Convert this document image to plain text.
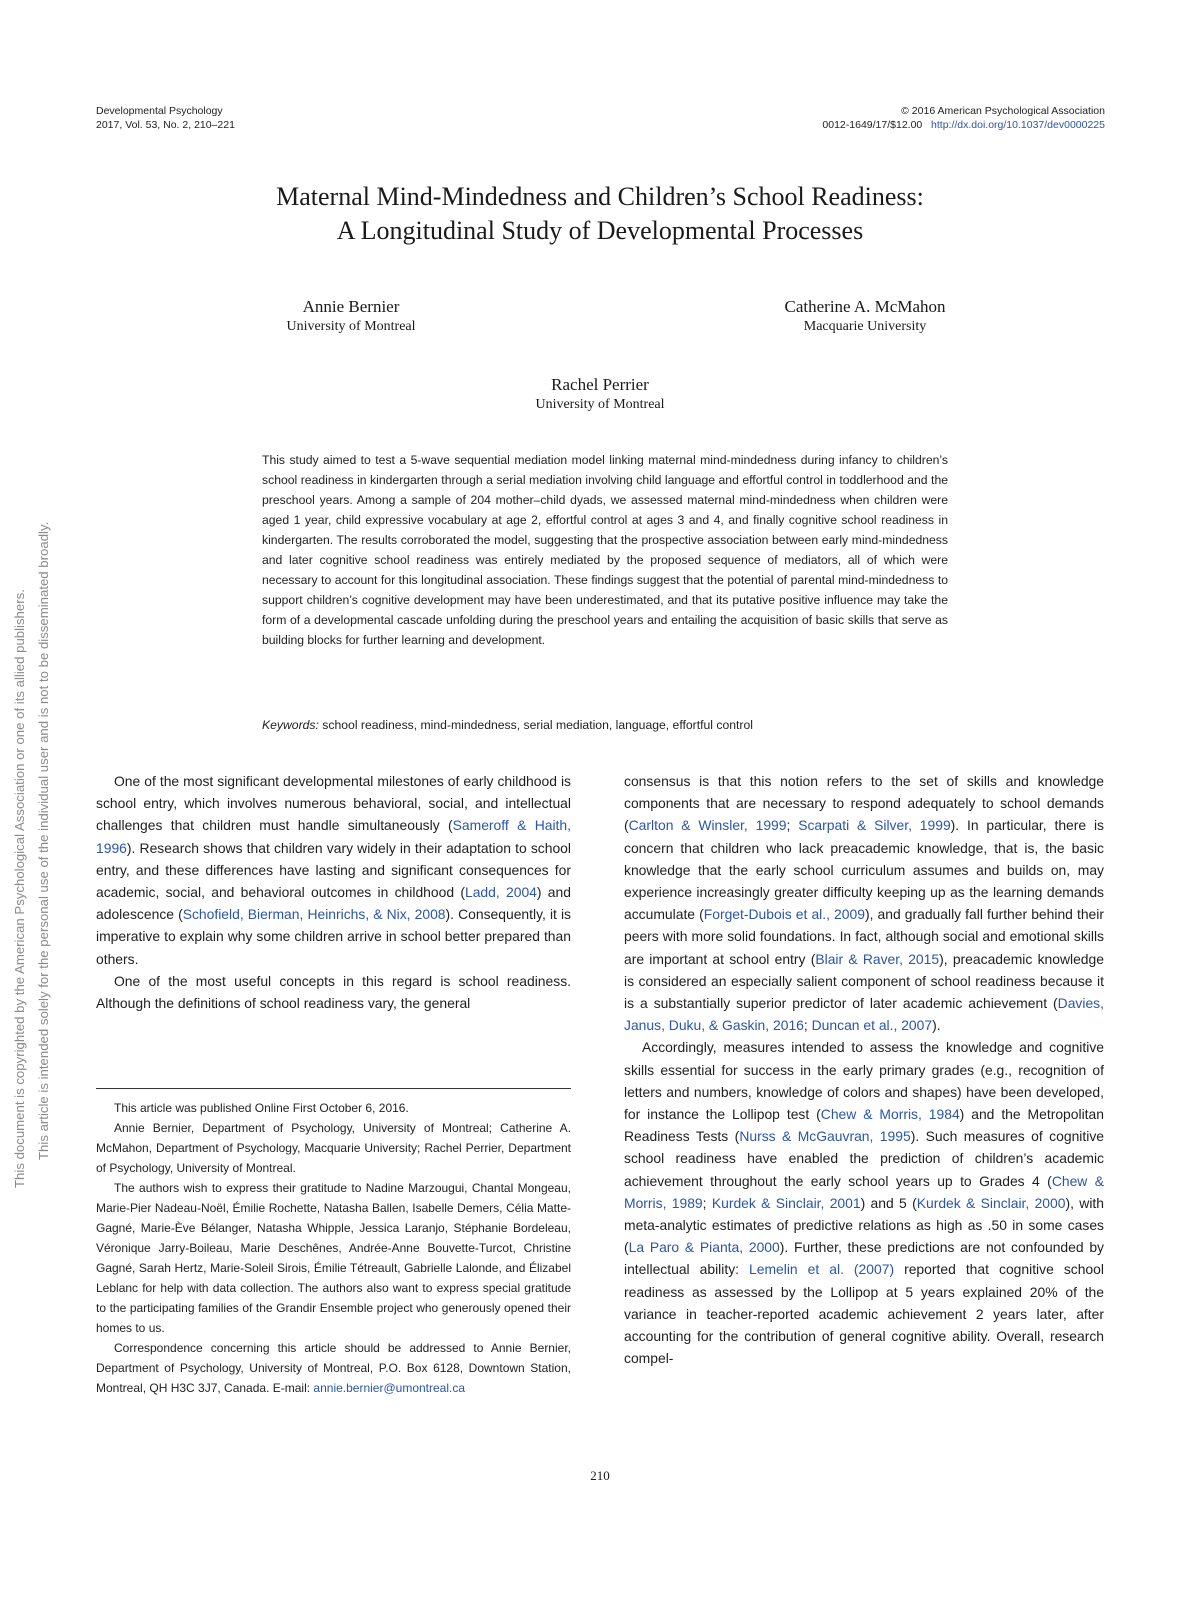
Developmental Psychology
2017, Vol. 53, No. 2, 210–221
© 2016 American Psychological Association
0012-1649/17/$12.00 http://dx.doi.org/10.1037/dev0000225
Maternal Mind-Mindedness and Children’s School Readiness:
A Longitudinal Study of Developmental Processes
Annie Bernier
University of Montreal
Catherine A. McMahon
Macquarie University
Rachel Perrier
University of Montreal
This study aimed to test a 5-wave sequential mediation model linking maternal mind-mindedness during infancy to children’s school readiness in kindergarten through a serial mediation involving child language and effortful control in toddlerhood and the preschool years. Among a sample of 204 mother–child dyads, we assessed maternal mind-mindedness when children were aged 1 year, child expressive vocabulary at age 2, effortful control at ages 3 and 4, and finally cognitive school readiness in kindergarten. The results corroborated the model, suggesting that the prospective association between early mind-mindedness and later cognitive school readiness was entirely mediated by the proposed sequence of mediators, all of which were necessary to account for this longitudinal association. These findings suggest that the potential of parental mind-mindedness to support children’s cognitive development may have been underestimated, and that its putative positive influence may take the form of a developmental cascade unfolding during the preschool years and entailing the acquisition of basic skills that serve as building blocks for further learning and development.
Keywords: school readiness, mind-mindedness, serial mediation, language, effortful control

One of the most significant developmental milestones of early childhood is school entry, which involves numerous behavioral, social, and intellectual challenges that children must handle simultaneously (Sameroff & Haith, 1996). Research shows that children vary widely in their adaptation to school entry, and these differences have lasting and significant consequences for academic, social, and behavioral outcomes in childhood (Ladd, 2004) and adolescence (Schofield, Bierman, Heinrichs, & Nix, 2008). Consequently, it is imperative to explain why some children arrive in school better prepared than others.

One of the most useful concepts in this regard is school readiness. Although the definitions of school readiness vary, the general

This article was published Online First October 6, 2016.

Annie Bernier, Department of Psychology, University of Montreal; Catherine A. McMahon, Department of Psychology, Macquarie University; Rachel Perrier, Department of Psychology, University of Montreal.

The authors wish to express their gratitude to Nadine Marzougui, Chantal Mongeau, Marie-Pier Nadeau-Noël, Émilie Rochette, Natasha Ballen, Isabelle Demers, Célia Matte-Gagné, Marie-Ève Bélanger, Natasha Whipple, Jessica Laranjo, Stéphanie Bordeleau, Véronique Jarry-Boileau, Marie Deschênes, Andrée-Anne Bouvette-Turcot, Christine Gagné, Sarah Hertz, Marie-Soleil Sirois, Émilie Tétreault, Gabrielle Lalonde, and Élizabel Leblanc for help with data collection. The authors also want to express special gratitude to the participating families of the Grandir Ensemble project who generously opened their homes to us.

Correspondence concerning this article should be addressed to Annie Bernier, Department of Psychology, University of Montreal, P.O. Box 6128, Downtown Station, Montreal, QH H3C 3J7, Canada. E-mail: annie.bernier@umontreal.ca

consensus is that this notion refers to the set of skills and knowledge components that are necessary to respond adequately to school demands (Carlton & Winsler, 1999; Scarpati & Silver, 1999). In particular, there is concern that children who lack preacademic knowledge, that is, the basic knowledge that the early school curriculum assumes and builds on, may experience increasingly greater difficulty keeping up as the learning demands accumulate (Forget-Dubois et al., 2009), and gradually fall further behind their peers with more solid foundations. In fact, although social and emotional skills are important at school entry (Blair & Raver, 2015), preacademic knowledge is considered an especially salient component of school readiness because it is a substantially superior predictor of later academic achievement (Davies, Janus, Duku, & Gaskin, 2016; Duncan et al., 2007).

Accordingly, measures intended to assess the knowledge and cognitive skills essential for success in the early primary grades (e.g., recognition of letters and numbers, knowledge of colors and shapes) have been developed, for instance the Lollipop test (Chew & Morris, 1984) and the Metropolitan Readiness Tests (Nurss & McGauvran, 1995). Such measures of cognitive school readiness have enabled the prediction of children’s academic achievement throughout the early school years up to Grades 4 (Chew & Morris, 1989; Kurdek & Sinclair, 2001) and 5 (Kurdek & Sinclair, 2000), with meta-analytic estimates of predictive relations as high as .50 in some cases (La Paro & Pianta, 2000). Further, these predictions are not confounded by intellectual ability: Lemelin et al. (2007) reported that cognitive school readiness as assessed by the Lollipop at 5 years explained 20% of the variance in teacher-reported academic achievement 2 years later, after accounting for the contribution of general cognitive ability. Overall, research compel-

210
This document is copyrighted by the American Psychological Association or one of its allied publishers. This article is intended solely for the personal use of the individual user and is not to be disseminated broadly.
